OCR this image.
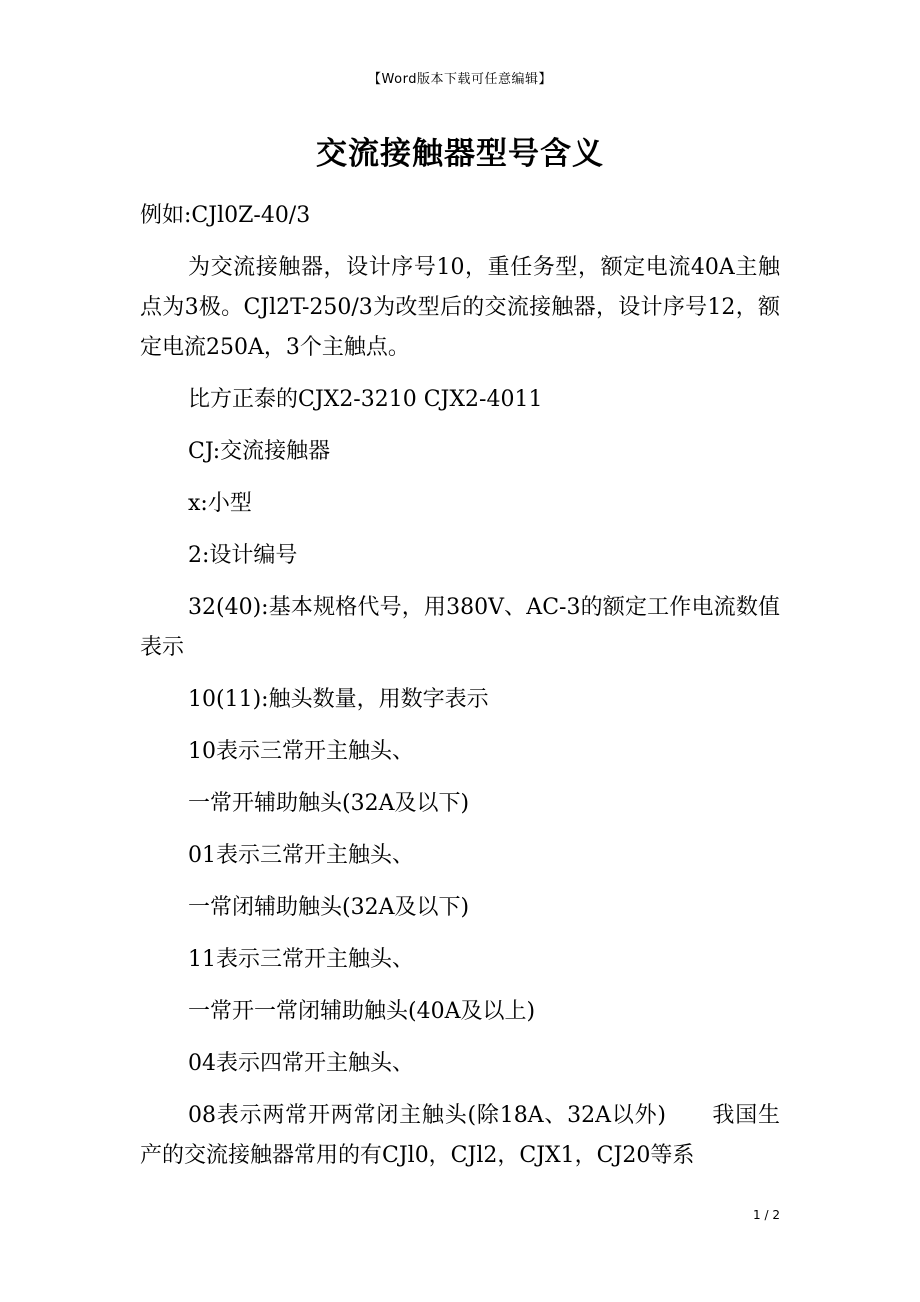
【Word版本下载可任意编辑】
交流接触器型号含义

例如:CJl0Z-40/3

为交流接触器，设计序号10，重任务型，额定电流40A主触点为3极。CJl2T-250/3为改型后的交流接触器，设计序号12，额定电流250A，3个主触点。

比方正泰的CJX2-3210 CJX2-4011

CJ:交流接触器

x:小型

2:设计编号

32(40):基本规格代号，用380V、AC-3的额定工作电流数值表示

10(11):触头数量，用数字表示

10表示三常开主触头、

一常开辅助触头(32A及以下)

01表示三常开主触头、

一常闭辅助触头(32A及以下)

11表示三常开主触头、

一常开一常闭辅助触头(40A及以上)

04表示四常开主触头、

08表示两常开两常闭主触头(除18A、32A以外)　　我国生产的交流接触器常用的有CJl0，CJl2，CJX1，CJ20等系

1 / 2
